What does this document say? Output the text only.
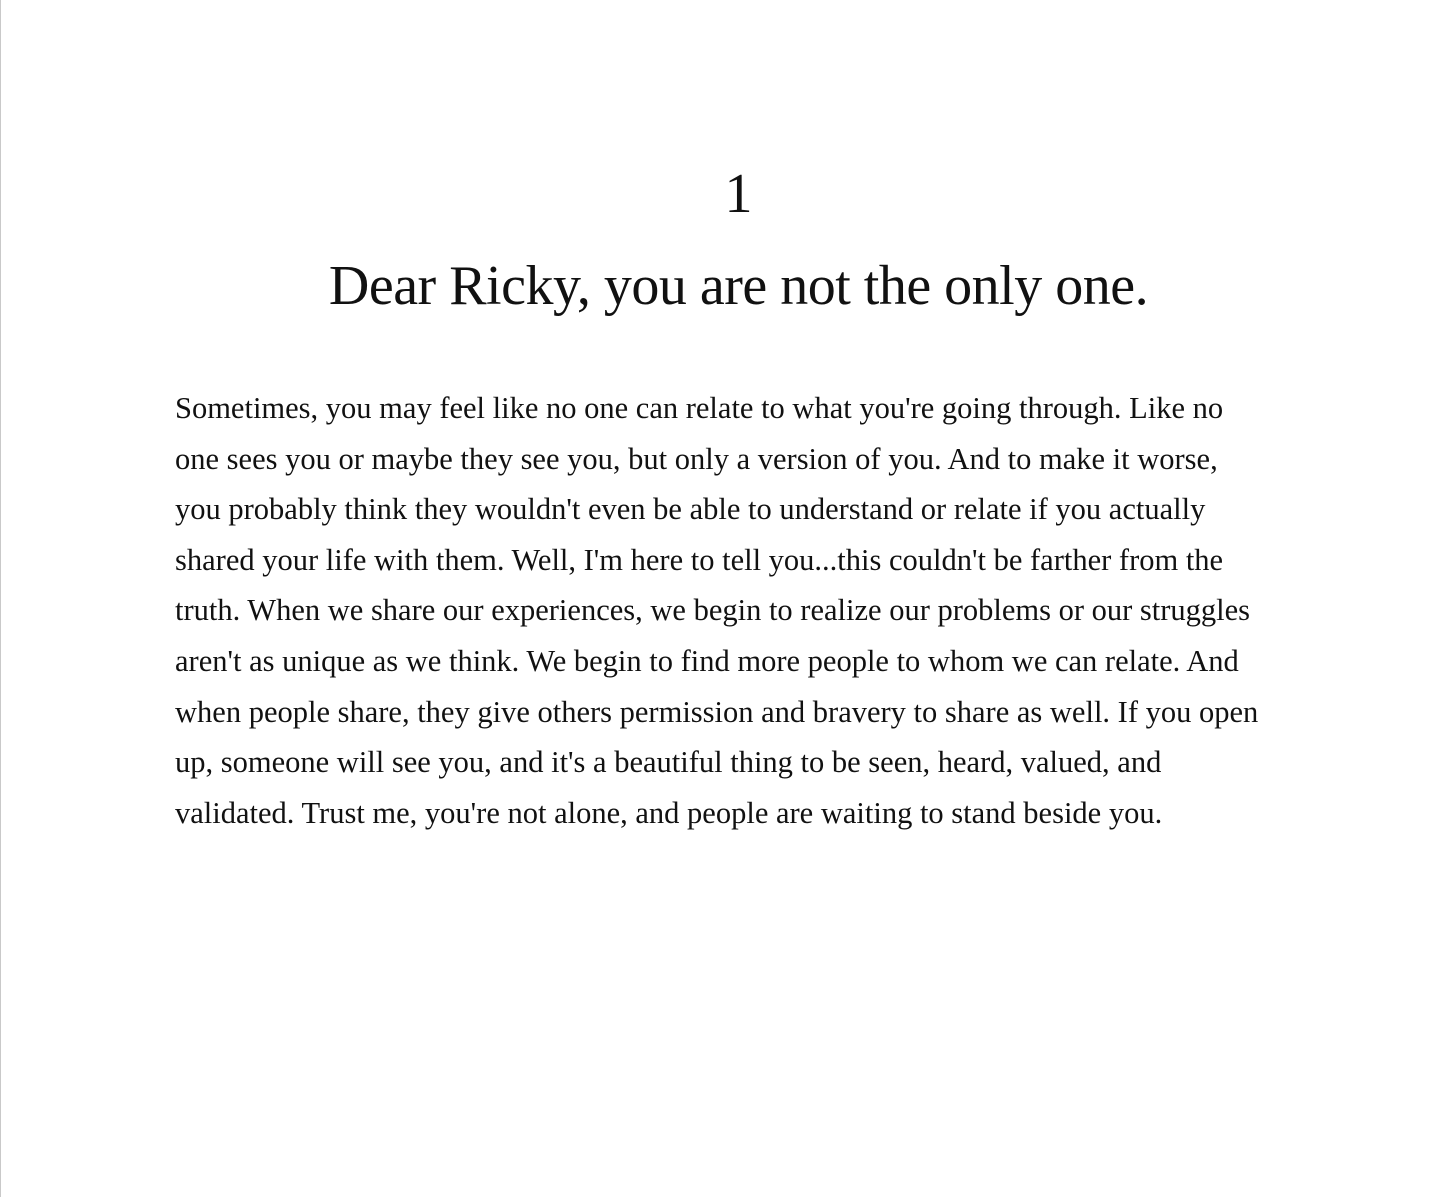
1
Dear Ricky, you are not the only one.

Sometimes, you may feel like no one can relate to what you're going through. Like no
one sees you or maybe they see you, but only a version of you. And to make it worse,
you probably think they wouldn't even be able to understand or relate if you actually
shared your life with them. Well, I'm here to tell you...this couldn't be farther from the
truth. When we share our experiences, we begin to realize our problems or our struggles
aren't as unique as we think. We begin to find more people to whom we can relate. And
when people share, they give others permission and bravery to share as well. If you open
up, someone will see you, and it's a beautiful thing to be seen, heard, valued, and
validated. Trust me, you're not alone, and people are waiting to stand beside you.
